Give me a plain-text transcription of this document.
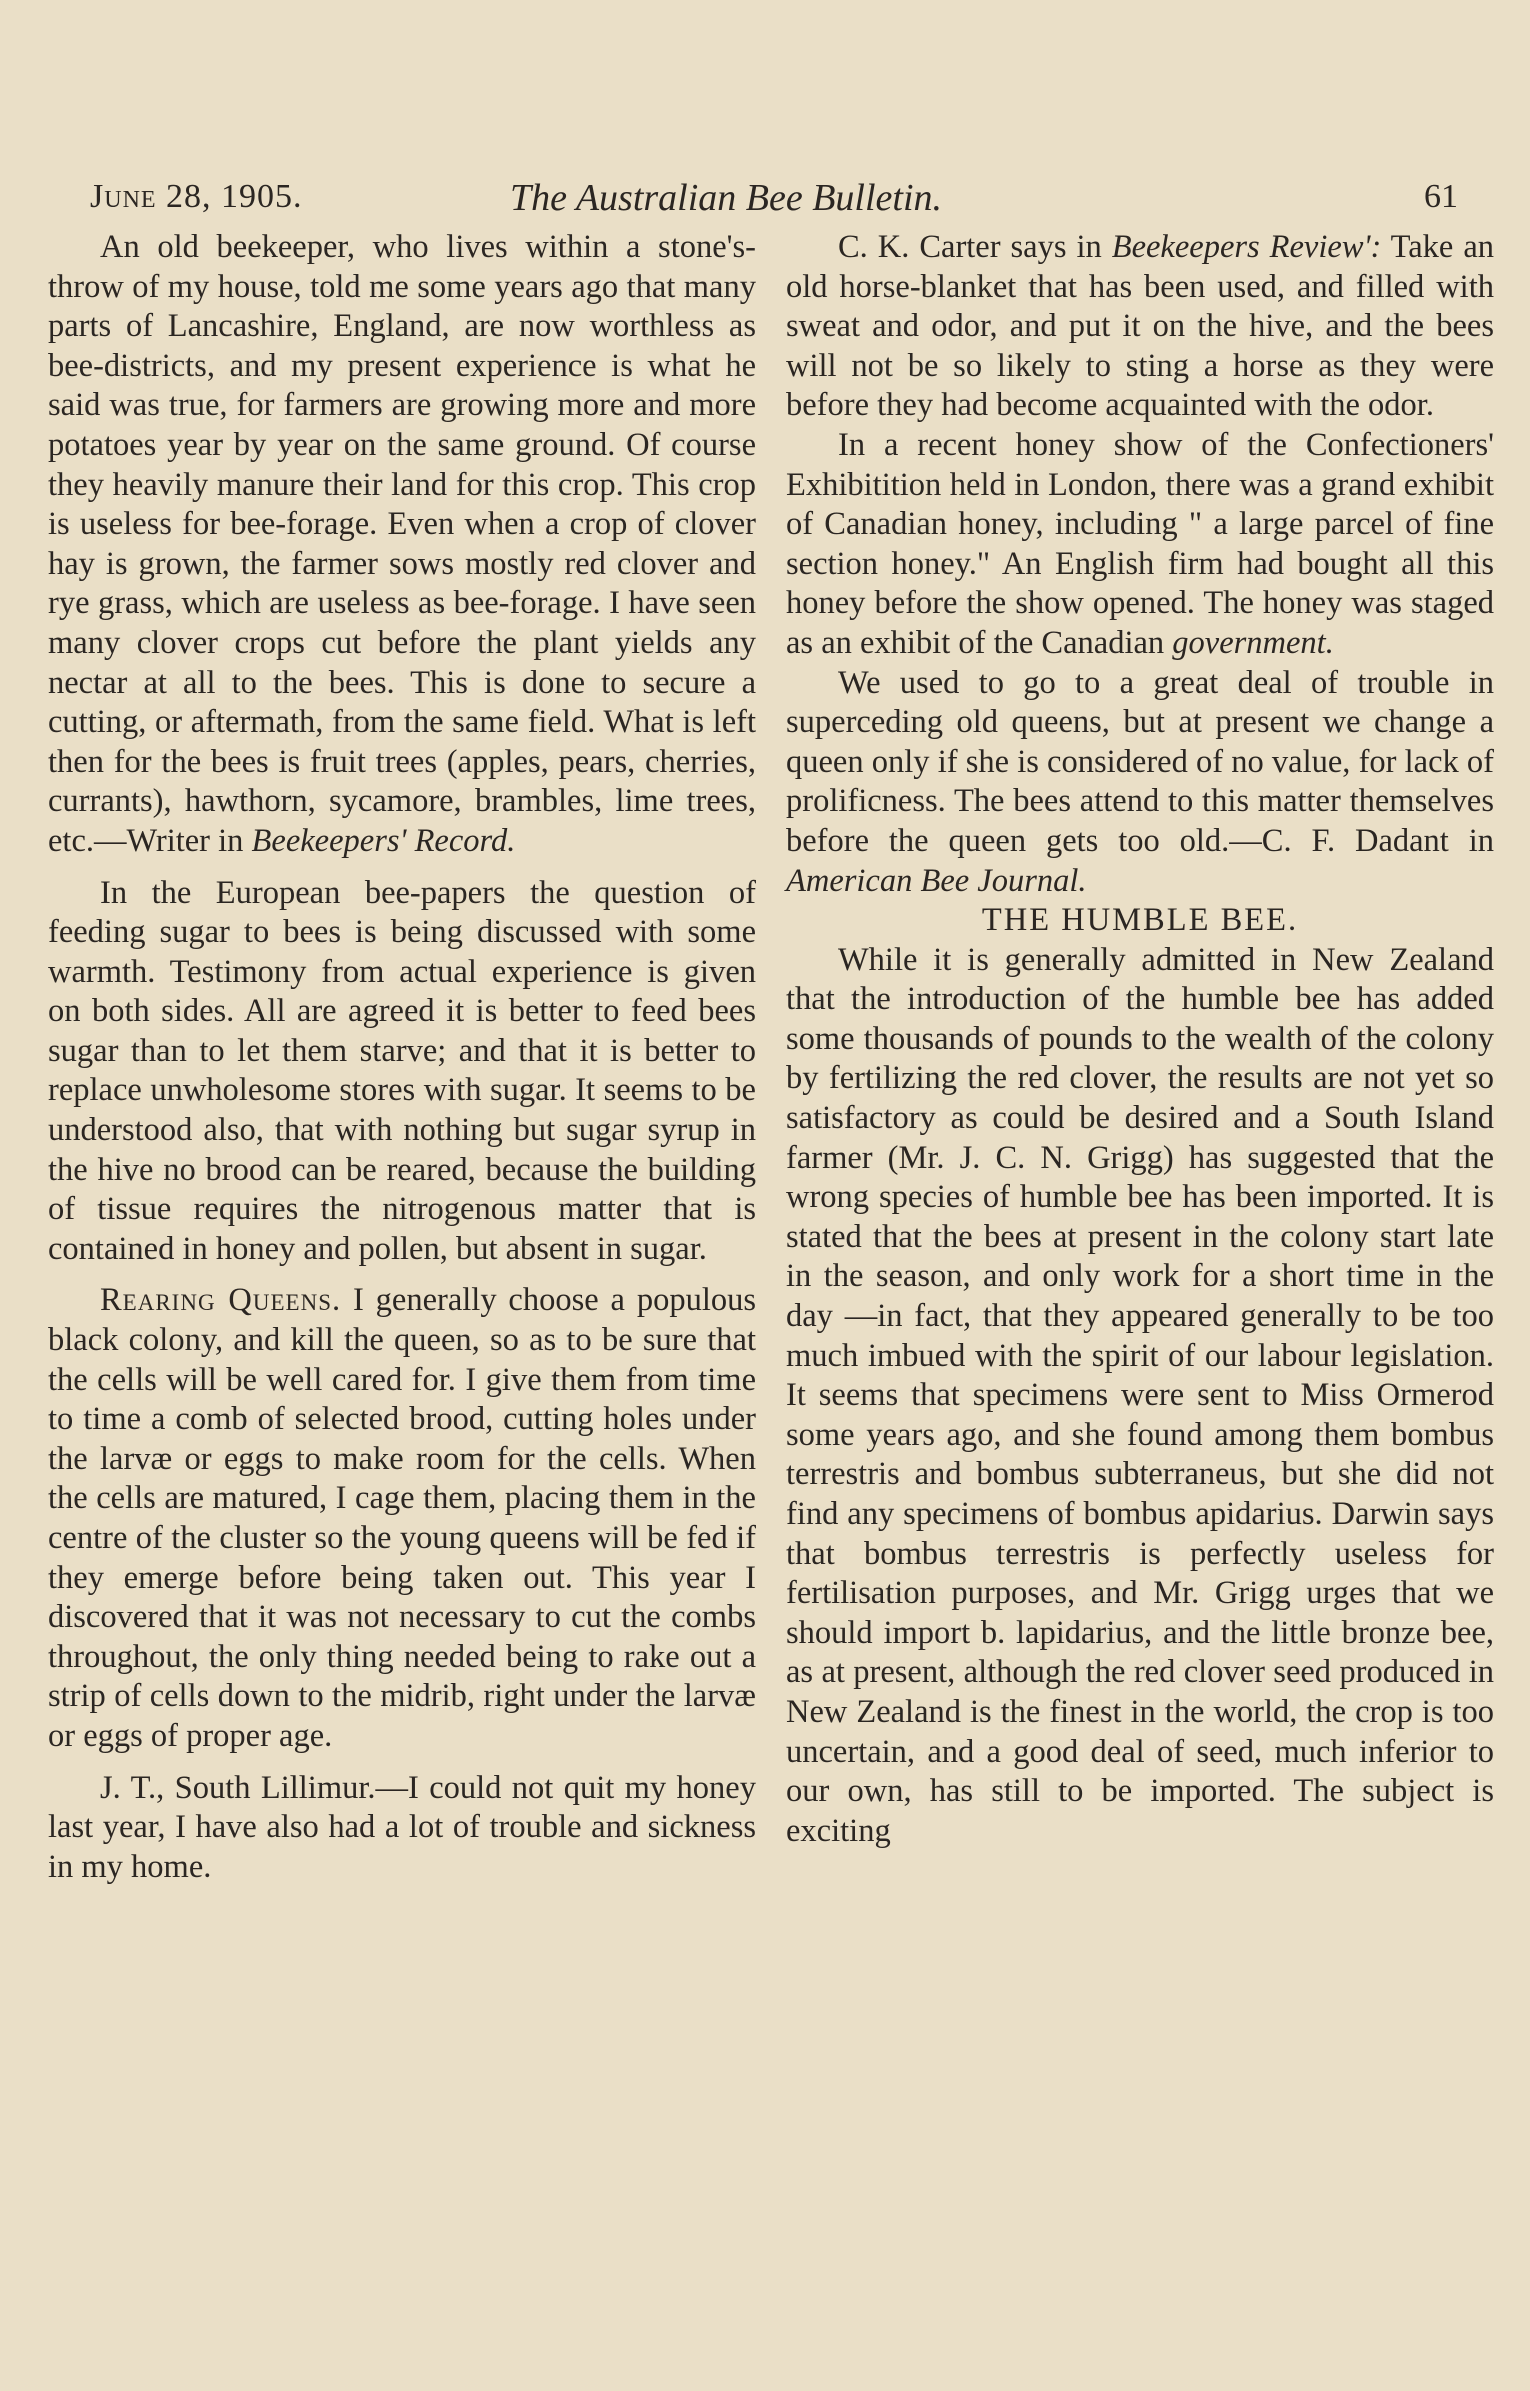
June 28, 1905.	The Australian Bee Bulletin.	61

An old beekeeper, who lives within a stone's-throw of my house, told me some years ago that many parts of Lancashire, England, are now worthless as bee-districts, and my present experience is what he said was true, for farmers are growing more and more potatoes year by year on the same ground. Of course they heavily manure their land for this crop. This crop is useless for bee-forage. Even when a crop of clover hay is grown, the farmer sows mostly red clover and rye grass, which are useless as bee-forage. I have seen many clover crops cut before the plant yields any nectar at all to the bees. This is done to secure a cutting, or aftermath, from the same field. What is left then for the bees is fruit trees (apples, pears, cherries, currants), hawthorn, sycamore, brambles, lime trees, etc.—Writer in Beekeepers' Record.

In the European bee-papers the question of feeding sugar to bees is being discussed with some warmth. Testimony from actual experience is given on both sides. All are agreed it is better to feed bees sugar than to let them starve; and that it is better to replace unwholesome stores with sugar. It seems to be understood also, that with nothing but sugar syrup in the hive no brood can be reared, because the building of tissue requires the nitrogenous matter that is contained in honey and pollen, but absent in sugar.

Rearing Queens. I generally choose a populous black colony, and kill the queen, so as to be sure that the cells will be well cared for. I give them from time to time a comb of selected brood, cutting holes under the larvæ or eggs to make room for the cells. When the cells are matured, I cage them, placing them in the centre of the cluster so the young queens will be fed if they emerge before being taken out. This year I discovered that it was not necessary to cut the combs throughout, the only thing needed being to rake out a strip of cells down to the midrib, right under the larvæ or eggs of proper age.

J. T., South Lillimur.—I could not quit my honey last year, I have also had a lot of trouble and sickness in my home.

C. K. Carter says in Beekeepers Review': Take an old horse-blanket that has been used, and filled with sweat and odor, and put it on the hive, and the bees will not be so likely to sting a horse as they were before they had become acquainted with the odor.

In a recent honey show of the Confectioners' Exhibitition held in London, there was a grand exhibit of Canadian honey, including " a large parcel of fine section honey." An English firm had bought all this honey before the show opened. The honey was staged as an exhibit of the Canadian government.

We used to go to a great deal of trouble in superceding old queens, but at present we change a queen only if she is considered of no value, for lack of prolificness. The bees attend to this matter themselves before the queen gets too old.—C. F. Dadant in American Bee Journal.

THE HUMBLE BEE.

While it is generally admitted in New Zealand that the introduction of the humble bee has added some thousands of pounds to the wealth of the colony by fertilizing the red clover, the results are not yet so satisfactory as could be desired and a South Island farmer (Mr. J. C. N. Grigg) has suggested that the wrong species of humble bee has been imported. It is stated that the bees at present in the colony start late in the season, and only work for a short time in the day —in fact, that they appeared generally to be too much imbued with the spirit of our labour legislation. It seems that specimens were sent to Miss Ormerod some years ago, and she found among them bombus terrestris and bombus subterraneus, but she did not find any specimens of bombus apidarius. Darwin says that bombus terrestris is perfectly useless for fertilisation purposes, and Mr. Grigg urges that we should import b. lapidarius, and the little bronze bee, as at present, although the red clover seed produced in New Zealand is the finest in the world, the crop is too uncertain, and a good deal of seed, much inferior to our own, has still to be imported. The subject is exciting
